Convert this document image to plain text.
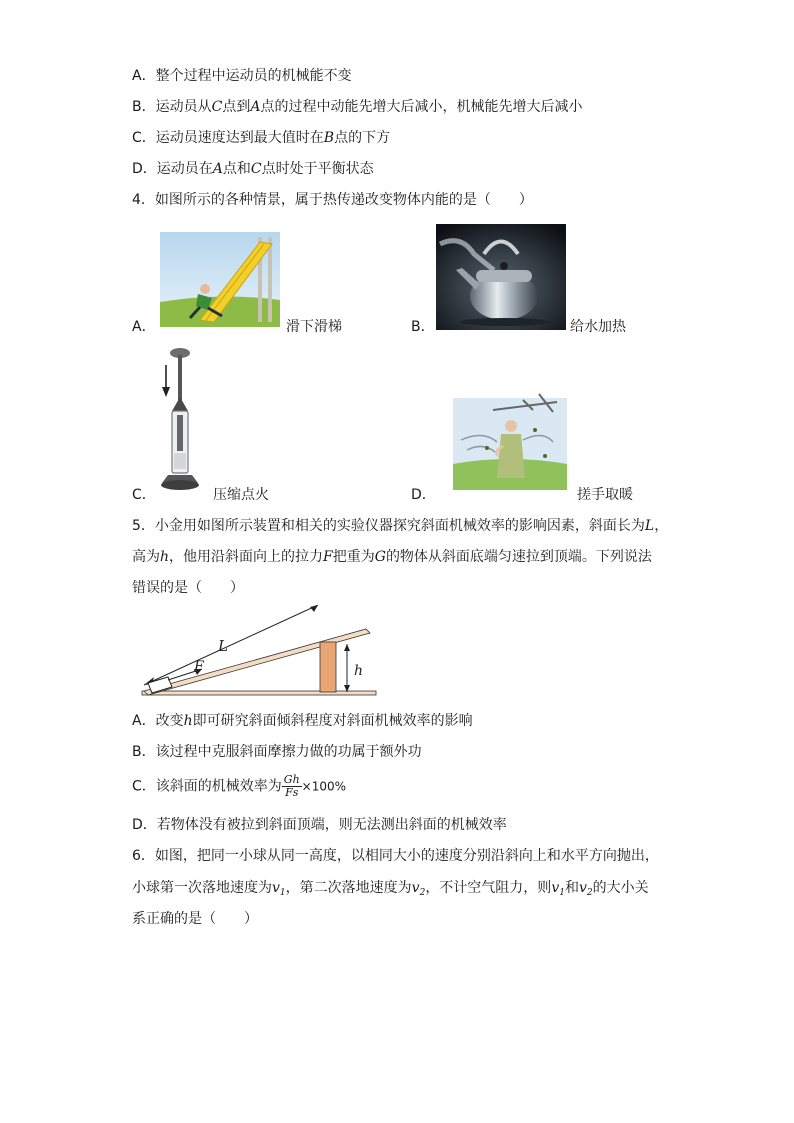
A．整个过程中运动员的机械能不变
B．运动员从C点到A点的过程中动能先增大后减小，机械能先增大后减小
C．运动员速度达到最大值时在B点的下方
D．运动员在A点和C点时处于平衡状态
4．如图所示的各种情景，属于热传递改变物体内能的是（　　）
A．	滑下滑梯	B．	给水加热
C．	压缩点火	D．	搓手取暖
5．小金用如图所示装置和相关的实验仪器探究斜面机械效率的影响因素，斜面长为L，
高为h，他用沿斜面向上的拉力F把重为G的物体从斜面底端匀速拉到顶端。下列说法
错误的是（　　）
L
F	h
A．改变h即可研究斜面倾斜程度对斜面机械效率的影响
B．该过程中克服斜面摩擦力做的功属于额外功
C．该斜面的机械效率为 $\frac{Gh}{Fs} \times 100\%$
D．若物体没有被拉到斜面顶端，则无法测出斜面的机械效率
6．如图，把同一小球从同一高度，以相同大小的速度分别沿斜向上和水平方向抛出，
小球第一次落地速度为$v_1$，第二次落地速度为$v_2$，不计空气阻力，则$v_1$和$v_2$的大小关
系正确的是（　　）
